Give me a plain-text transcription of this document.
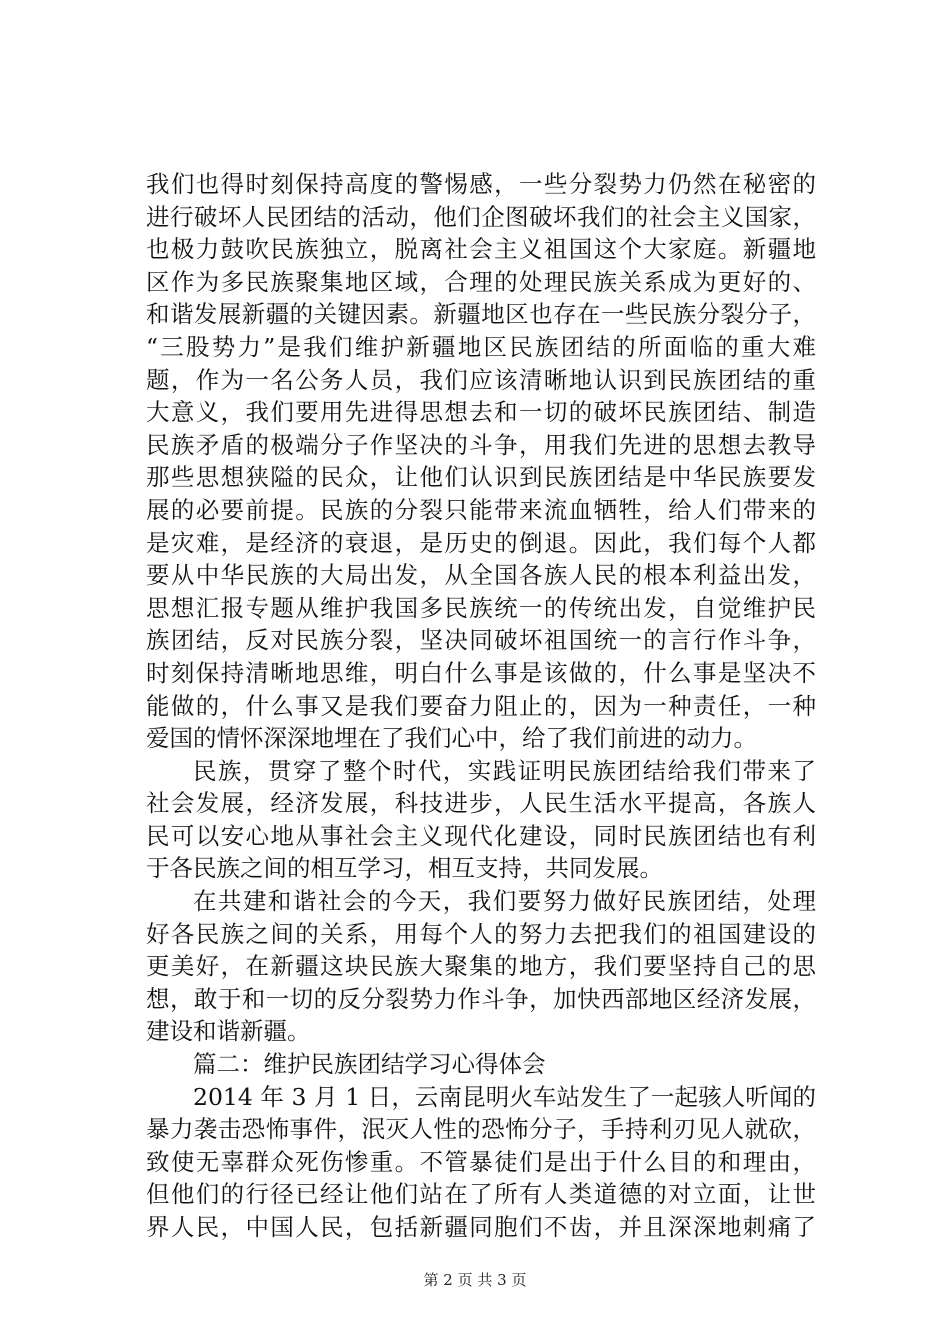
我们也得时刻保持高度的警惕感，一些分裂势力仍然在秘密的
进行破坏人民团结的活动，他们企图破坏我们的社会主义国家，
也极力鼓吹民族独立，脱离社会主义祖国这个大家庭。新疆地
区作为多民族聚集地区域，合理的处理民族关系成为更好的、
和谐发展新疆的关键因素。新疆地区也存在一些民族分裂分子，
“三股势力”是我们维护新疆地区民族团结的所面临的重大难
题，作为一名公务人员，我们应该清晰地认识到民族团结的重
大意义，我们要用先进得思想去和一切的破坏民族团结、制造
民族矛盾的极端分子作坚决的斗争，用我们先进的思想去教导
那些思想狭隘的民众，让他们认识到民族团结是中华民族要发
展的必要前提。民族的分裂只能带来流血牺牲，给人们带来的
是灾难，是经济的衰退，是历史的倒退。因此，我们每个人都
要从中华民族的大局出发，从全国各族人民的根本利益出发，
思想汇报专题从维护我国多民族统一的传统出发，自觉维护民
族团结，反对民族分裂，坚决同破坏祖国统一的言行作斗争，
时刻保持清晰地思维，明白什么事是该做的，什么事是坚决不
能做的，什么事又是我们要奋力阻止的，因为一种责任，一种
爱国的情怀深深地埋在了我们心中，给了我们前进的动力。
民族，贯穿了整个时代，实践证明民族团结给我们带来了
社会发展，经济发展，科技进步，人民生活水平提高，各族人
民可以安心地从事社会主义现代化建设，同时民族团结也有利
于各民族之间的相互学习，相互支持，共同发展。
在共建和谐社会的今天，我们要努力做好民族团结，处理
好各民族之间的关系，用每个人的努力去把我们的祖国建设的
更美好，在新疆这块民族大聚集的地方，我们要坚持自己的思
想，敢于和一切的反分裂势力作斗争，加快西部地区经济发展，
建设和谐新疆。
篇二：维护民族团结学习心得体会
2014 年 3 月 1 日，云南昆明火车站发生了一起骇人听闻的
暴力袭击恐怖事件，泯灭人性的恐怖分子，手持利刃见人就砍，
致使无辜群众死伤惨重。不管暴徒们是出于什么目的和理由，
但他们的行径已经让他们站在了所有人类道德的对立面，让世
界人民，中国人民，包括新疆同胞们不齿，并且深深地刺痛了
第 2 页 共 3 页
